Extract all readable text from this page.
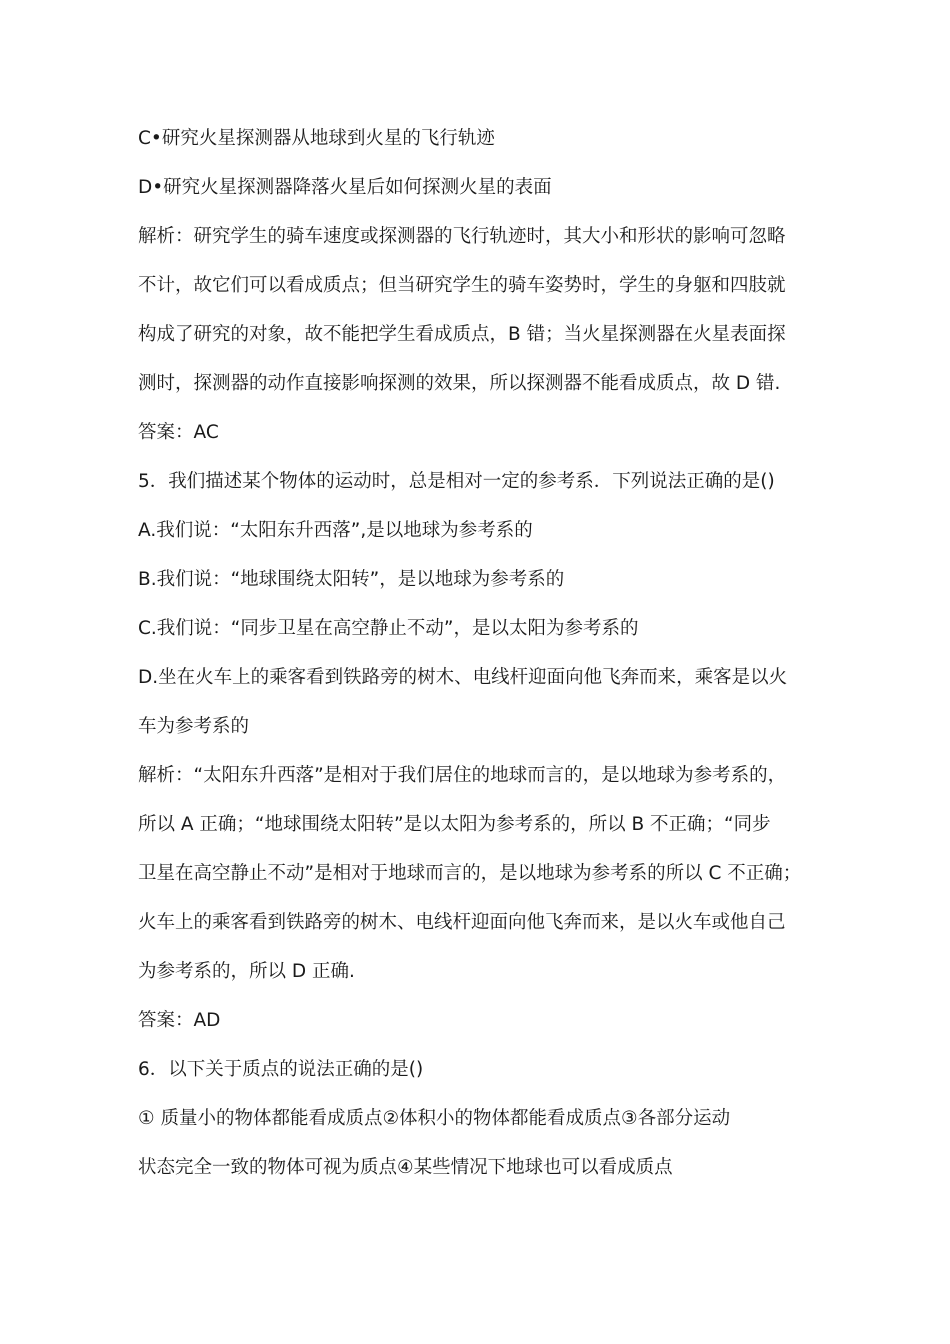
C•研究火星探测器从地球到火星的飞行轨迹
D•研究火星探测器降落火星后如何探测火星的表面
解析：研究学生的骑车速度或探测器的飞行轨迹时，其大小和形状的影响可忽略
不计，故它们可以看成质点；但当研究学生的骑车姿势时，学生的身躯和四肢就
构成了研究的对象，故不能把学生看成质点，B 错；当火星探测器在火星表面探
测时，探测器的动作直接影响探测的效果，所以探测器不能看成质点，故 D 错.
答案：AC
5．我们描述某个物体的运动时，总是相对一定的参考系．下列说法正确的是()
A.我们说：“太阳东升西落”,是以地球为参考系的
B.我们说：“地球围绕太阳转”，是以地球为参考系的
C.我们说：“同步卫星在高空静止不动”，是以太阳为参考系的
D.坐在火车上的乘客看到铁路旁的树木、电线杆迎面向他飞奔而来，乘客是以火
车为参考系的
解析：“太阳东升西落”是相对于我们居住的地球而言的，是以地球为参考系的，
所以 A 正确；“地球围绕太阳转”是以太阳为参考系的，所以 B 不正确；“同步
卫星在高空静止不动”是相对于地球而言的，是以地球为参考系的所以 C 不正确；
火车上的乘客看到铁路旁的树木、电线杆迎面向他飞奔而来，是以火车或他自己
为参考系的，所以 D 正确.
答案：AD
6．以下关于质点的说法正确的是()
① 质量小的物体都能看成质点②体积小的物体都能看成质点③各部分运动
状态完全一致的物体可视为质点④某些情况下地球也可以看成质点
